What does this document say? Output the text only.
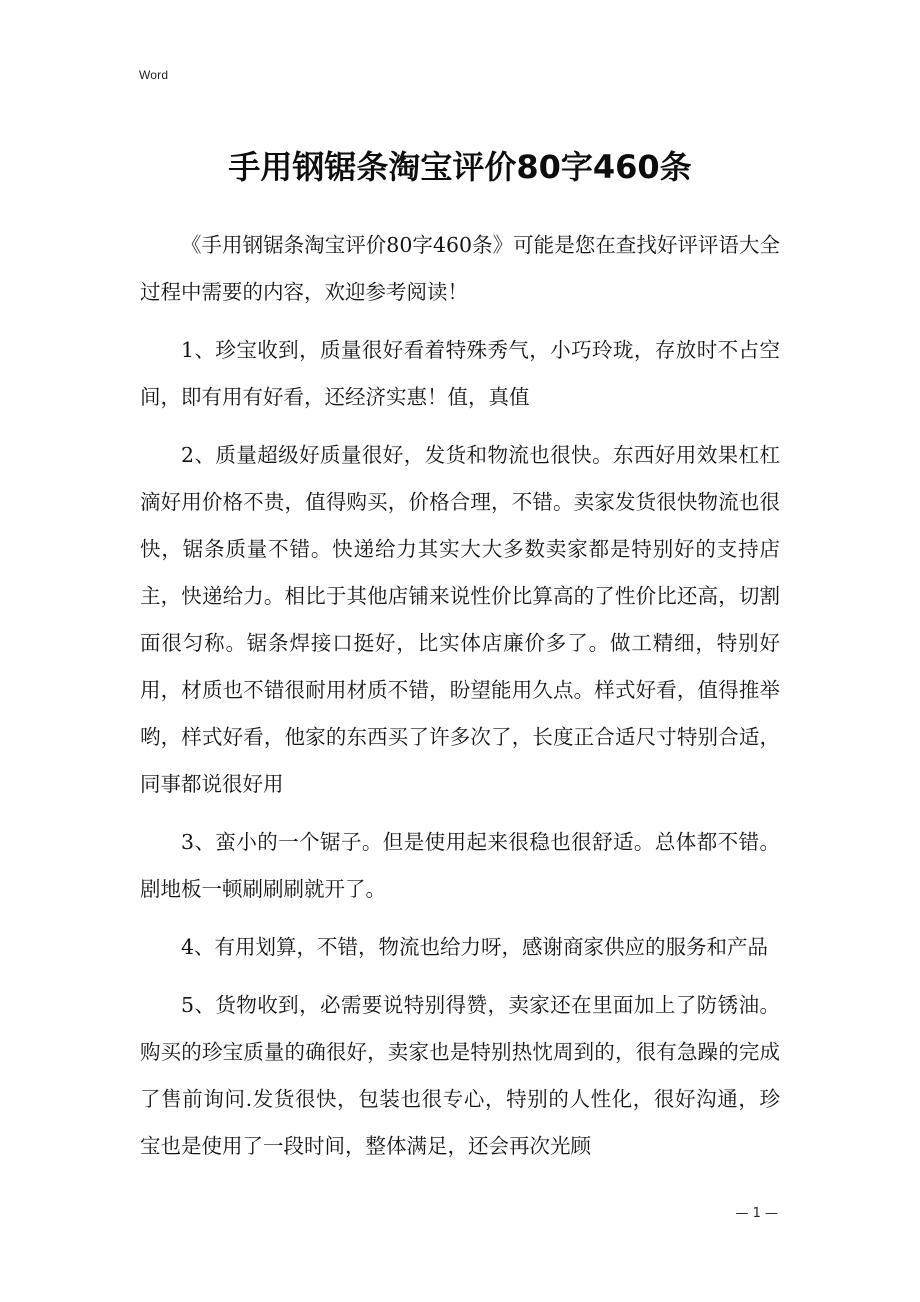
Word
手用钢锯条淘宝评价80字460条

《手用钢锯条淘宝评价80字460条》可能是您在查找好评评语大全过程中需要的内容，欢迎参考阅读！

1、珍宝收到，质量很好看着特殊秀气，小巧玲珑，存放时不占空间，即有用有好看，还经济实惠！值，真值

2、质量超级好质量很好，发货和物流也很快。东西好用效果杠杠滴好用价格不贵，值得购买，价格合理，不错。卖家发货很快物流也很快，锯条质量不错。快递给力其实大大多数卖家都是特别好的支持店主，快递给力。相比于其他店铺来说性价比算高的了性价比还高，切割面很匀称。锯条焊接口挺好，比实体店廉价多了。做工精细，特别好用，材质也不错很耐用材质不错，盼望能用久点。样式好看，值得推举哟，样式好看，他家的东西买了许多次了，长度正合适尺寸特别合适，同事都说很好用

3、蛮小的一个锯子。但是使用起来很稳也很舒适。总体都不错。剧地板一顿刷刷刷就开了。

4、有用划算，不错，物流也给力呀，感谢商家供应的服务和产品

5、货物收到，必需要说特别得赞，卖家还在里面加上了防锈油。购买的珍宝质量的确很好，卖家也是特别热忱周到的，很有急躁的完成了售前询问.发货很快，包装也很专心，特别的人性化，很好沟通，珍宝也是使用了一段时间，整体满足，还会再次光顾

— 1 —
